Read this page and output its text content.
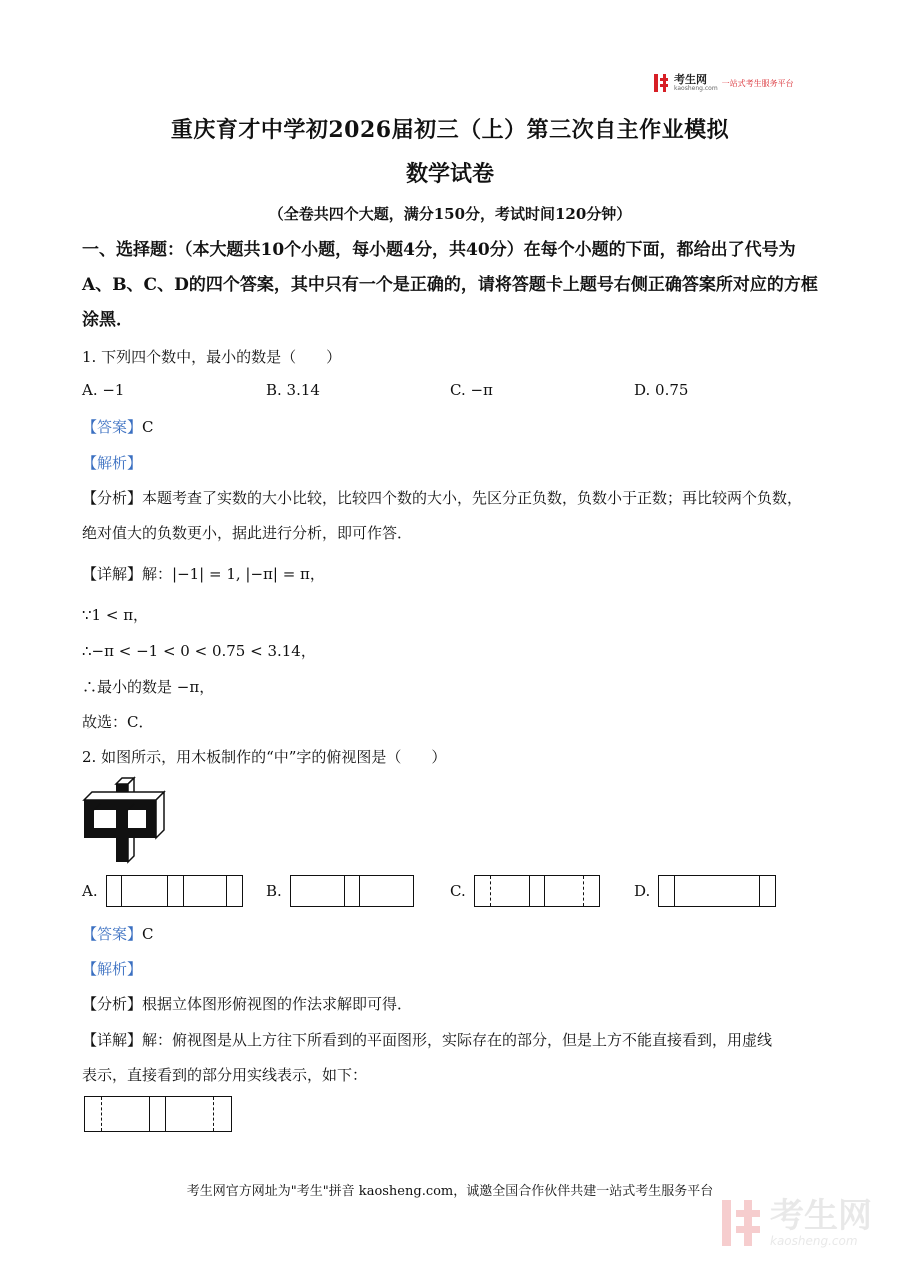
考生网
kaosheng.com
一站式考生服务平台
重庆育才中学初2026届初三（上）第三次自主作业模拟
数学试卷
（全卷共四个大题，满分150分，考试时间120分钟）
一、选择题：（本大题共10个小题，每小题4分，共40分）在每个小题的下面，都给出了代号为A、B、C、D的四个答案，其中只有一个是正确的，请将答题卡上题号右侧正确答案所对应的方框涂黑．
1. 下列四个数中，最小的数是（　　）
A. −1	B. 3.14	C. −π	D. 0.75
【答案】C
【解析】
【分析】本题考查了实数的大小比较，比较四个数的大小，先区分正负数，负数小于正数；再比较两个负数，
绝对值大的负数更小，据此进行分析，即可作答．
【详解】解：|−1| = 1, |−π| = π，
∵1 < π，
∴−π < −1 < 0 < 0.75 < 3.14，
∴最小的数是 −π，
故选：C．
2. 如图所示，用木板制作的“中”字的俯视图是（　　）
A.	B.	C.	D.
【答案】C
【解析】
【分析】根据立体图形俯视图的作法求解即可得．
【详解】解：俯视图是从上方往下所看到的平面图形，实际存在的部分，但是上方不能直接看到，用虚线
表示，直接看到的部分用实线表示，如下：
考生网官方网址为"考生"拼音 kaosheng.com，诚邀全国合作伙伴共建一站式考生服务平台
考生网
kaosheng.com
